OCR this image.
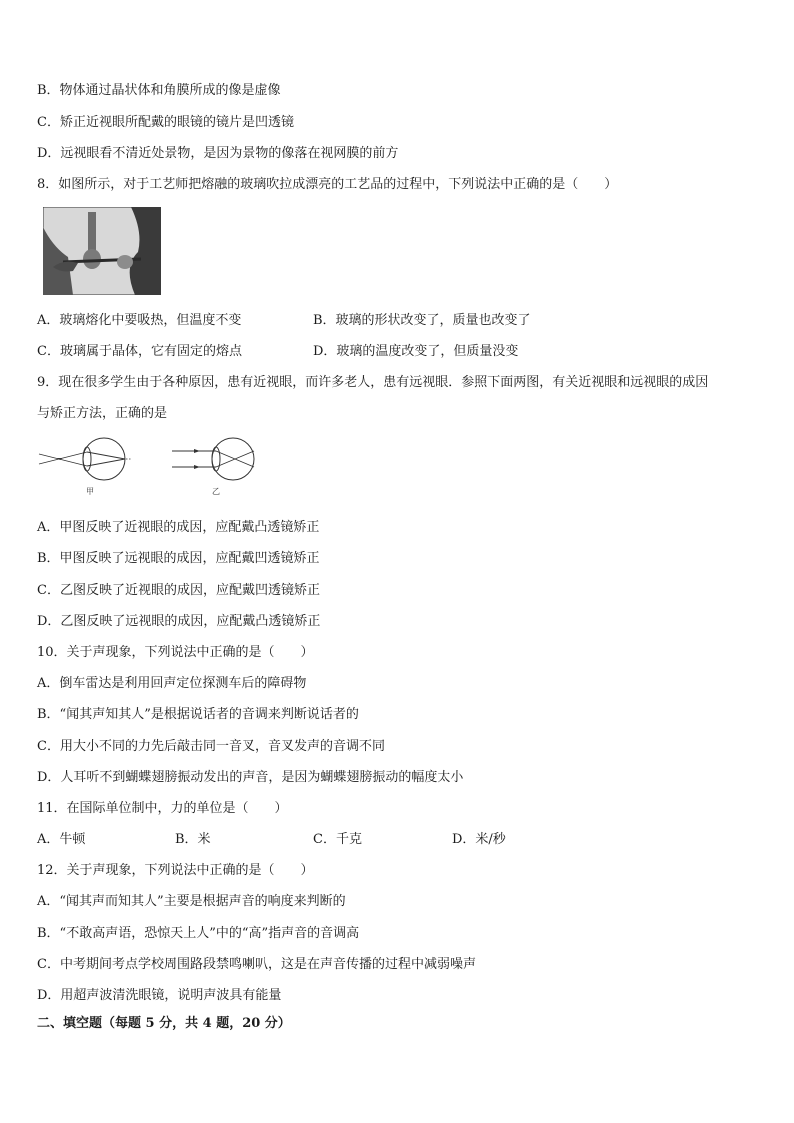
B．物体通过晶状体和角膜所成的像是虚像
C．矫正近视眼所配戴的眼镜的镜片是凹透镜
D．远视眼看不清近处景物，是因为景物的像落在视网膜的前方
8．如图所示，对于工艺师把熔融的玻璃吹拉成漂亮的工艺品的过程中，下列说法中正确的是（　　）
A．玻璃熔化中要吸热，但温度不变	B．玻璃的形状改变了，质量也改变了
C．玻璃属于晶体，它有固定的熔点	D．玻璃的温度改变了，但质量没变
9．现在很多学生由于各种原因，患有近视眼，而许多老人，患有远视眼．参照下面两图，有关近视眼和远视眼的成因
与矫正方法，正确的是
甲	乙
A．甲图反映了近视眼的成因，应配戴凸透镜矫正
B．甲图反映了远视眼的成因，应配戴凹透镜矫正
C．乙图反映了近视眼的成因，应配戴凹透镜矫正
D．乙图反映了远视眼的成因，应配戴凸透镜矫正
10．关于声现象，下列说法中正确的是（　　）
A．倒车雷达是利用回声定位探测车后的障碍物
B．“闻其声知其人”是根据说话者的音调来判断说话者的
C．用大小不同的力先后敲击同一音叉，音叉发声的音调不同
D．人耳听不到蝴蝶翅膀振动发出的声音，是因为蝴蝶翅膀振动的幅度太小
11．在国际单位制中，力的单位是（　　）
A．牛顿	B．米	C．千克	D．米/秒
12．关于声现象，下列说法中正确的是（　　）
A．“闻其声而知其人”主要是根据声音的响度来判断的
B．“不敢高声语，恐惊天上人”中的“高”指声音的音调高
C．中考期间考点学校周围路段禁鸣喇叭，这是在声音传播的过程中减弱噪声
D．用超声波清洗眼镜，说明声波具有能量
二、填空题（每题 5 分，共 4 题，20 分）
